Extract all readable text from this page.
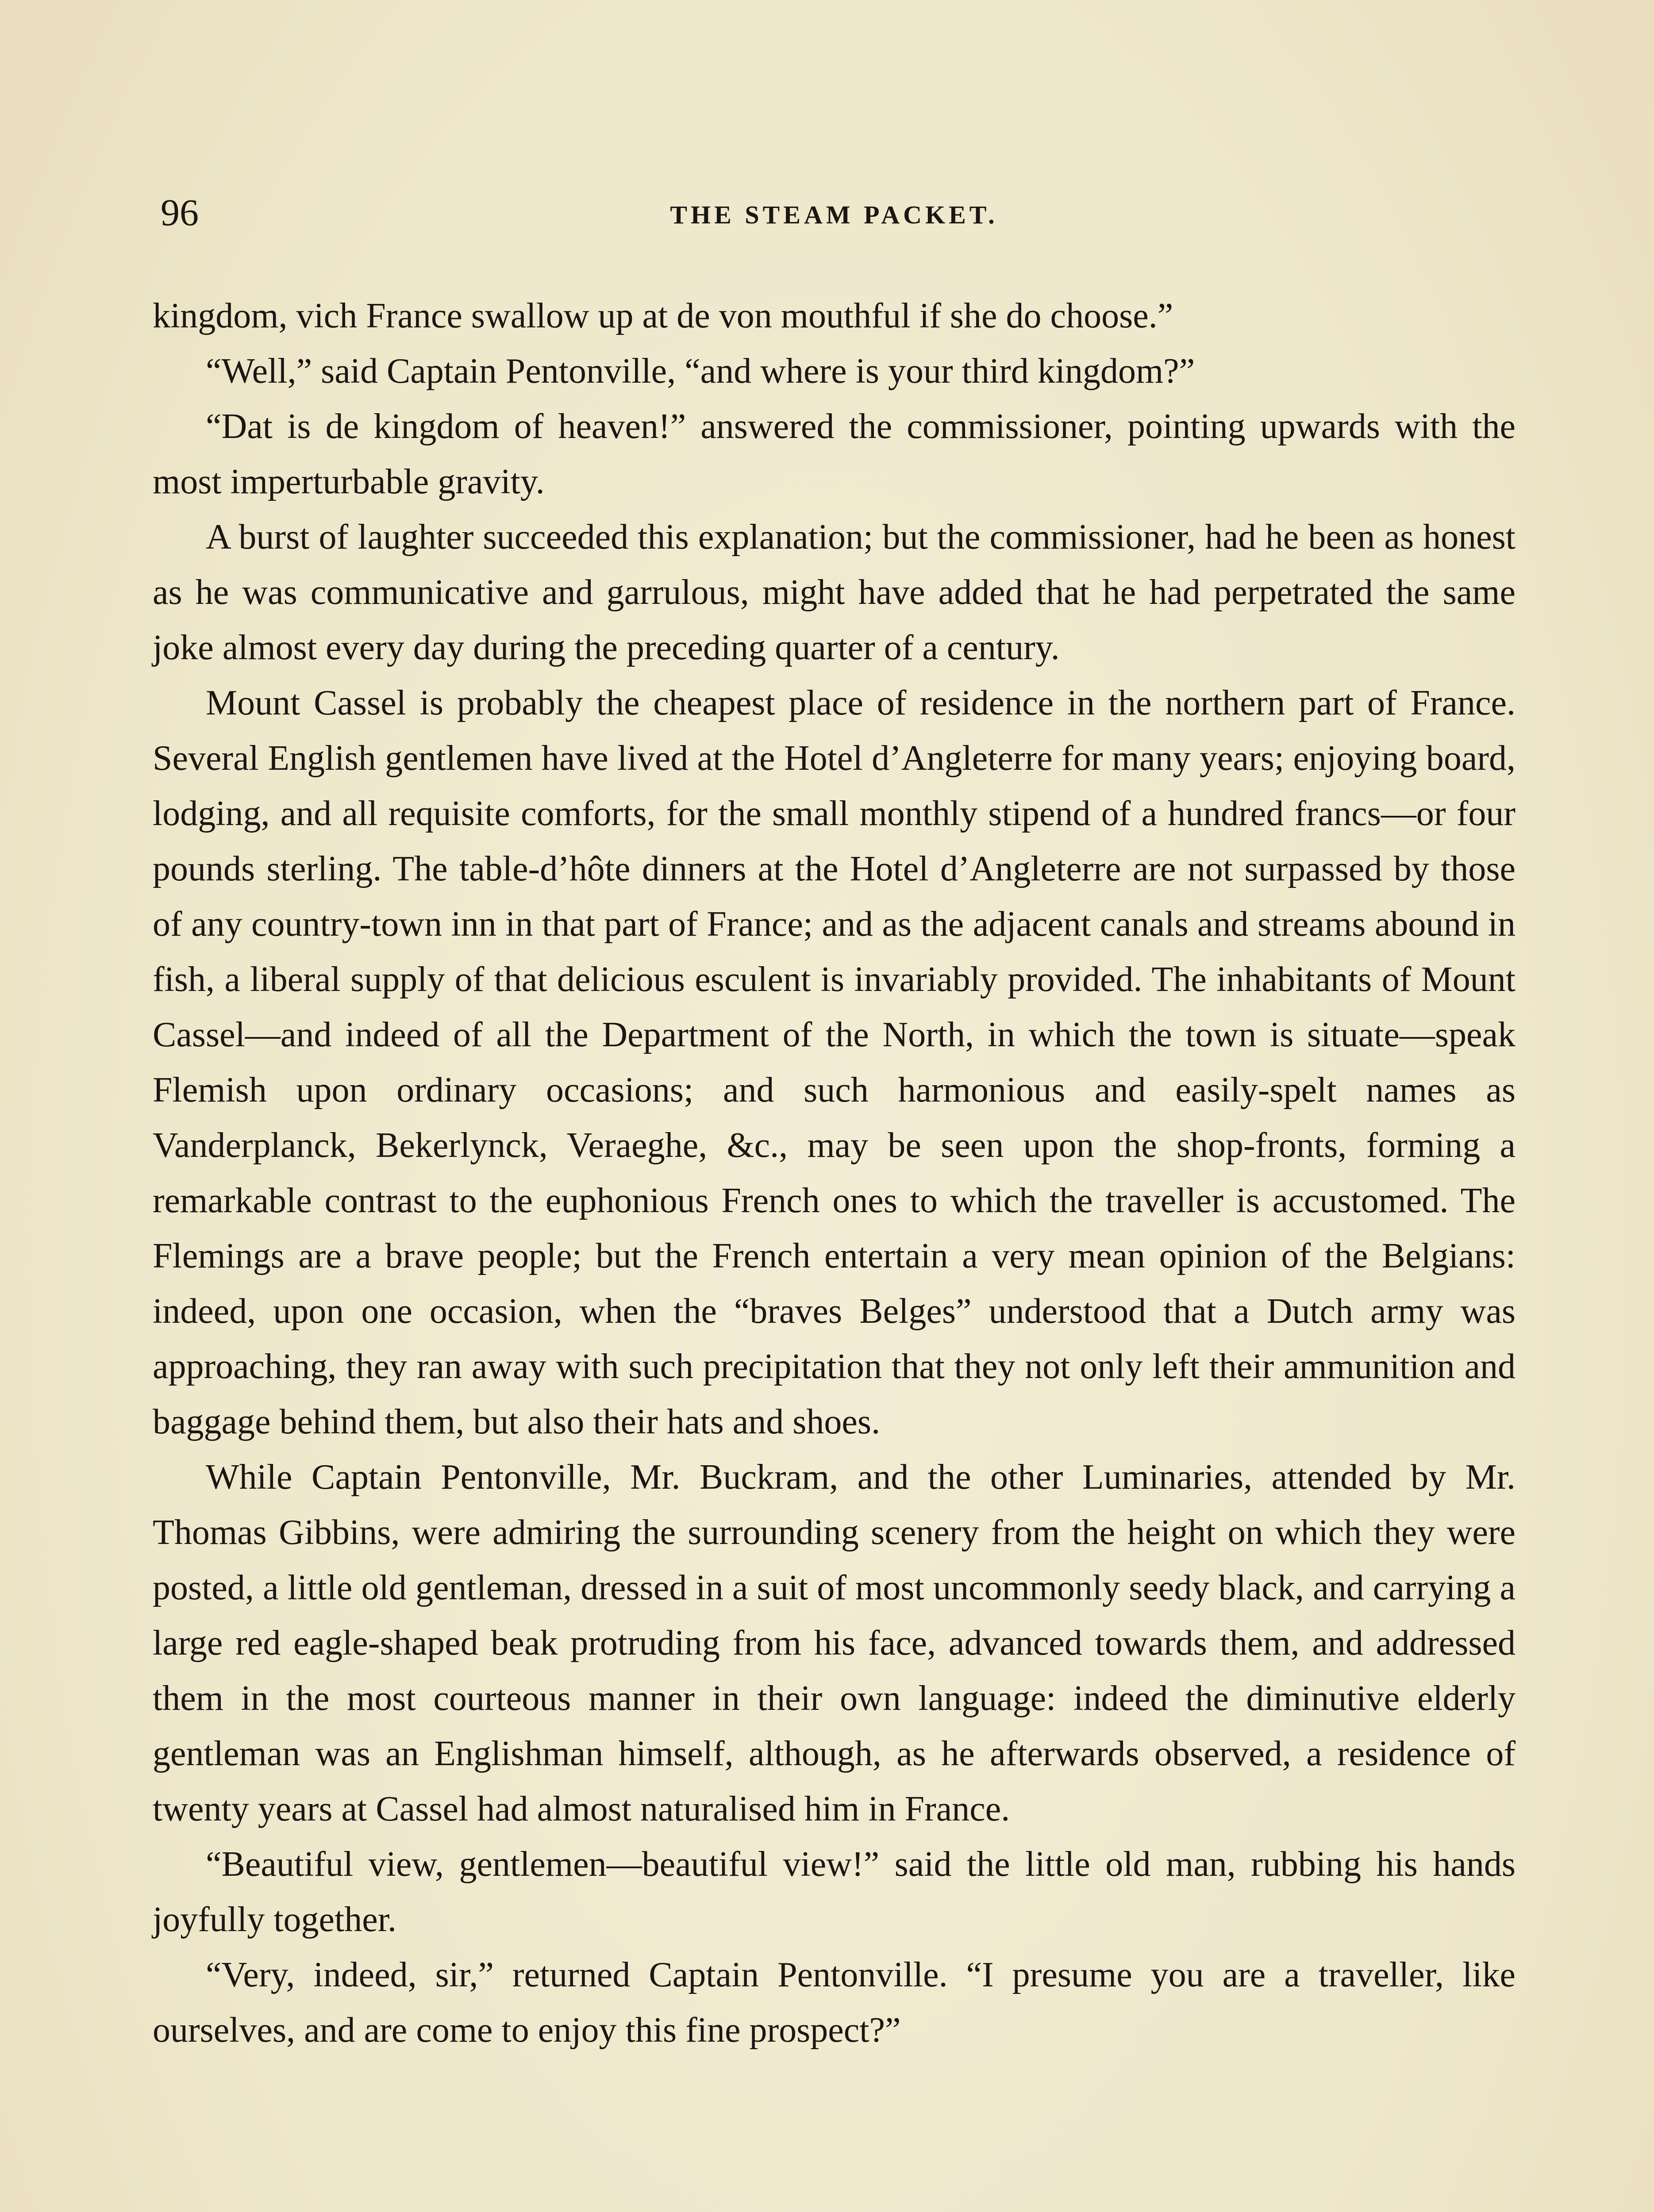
96	THE STEAM PACKET.

kingdom, vich France swallow up at de von mouthful if she do choose.”

“Well,” said Captain Pentonville, “and where is your third kingdom?”

“Dat is de kingdom of heaven!” answered the commissioner, pointing upwards with the most imperturbable gravity.

A burst of laughter succeeded this explanation; but the commissioner, had he been as honest as he was communicative and garrulous, might have added that he had perpetrated the same joke almost every day during the preceding quarter of a century.

Mount Cassel is probably the cheapest place of residence in the northern part of France. Several English gentlemen have lived at the Hotel d’Angleterre for many years; enjoying board, lodging, and all requisite comforts, for the small monthly stipend of a hundred francs—or four pounds sterling. The table-d’hôte dinners at the Hotel d’Angleterre are not surpassed by those of any country-town inn in that part of France; and as the adjacent canals and streams abound in fish, a liberal supply of that delicious esculent is invariably provided. The inhabitants of Mount Cassel—and indeed of all the Department of the North, in which the town is situate—speak Flemish upon ordinary occasions; and such harmonious and easily-spelt names as Vanderplanck, Bekerlynck, Veraeghe, &c., may be seen upon the shop-fronts, forming a remarkable contrast to the euphonious French ones to which the traveller is accustomed. The Flemings are a brave people; but the French entertain a very mean opinion of the Belgians: indeed, upon one occasion, when the “braves Belges” understood that a Dutch army was approaching, they ran away with such precipitation that they not only left their ammunition and baggage behind them, but also their hats and shoes.

While Captain Pentonville, Mr. Buckram, and the other Luminaries, attended by Mr. Thomas Gibbins, were admiring the surrounding scenery from the height on which they were posted, a little old gentleman, dressed in a suit of most uncommonly seedy black, and carrying a large red eagle-shaped beak protruding from his face, advanced towards them, and addressed them in the most courteous manner in their own language: indeed the diminutive elderly gentleman was an Englishman himself, although, as he afterwards observed, a residence of twenty years at Cassel had almost naturalised him in France.

“Beautiful view, gentlemen—beautiful view!” said the little old man, rubbing his hands joyfully together.

“Very, indeed, sir,” returned Captain Pentonville. “I presume you are a traveller, like ourselves, and are come to enjoy this fine prospect?”
